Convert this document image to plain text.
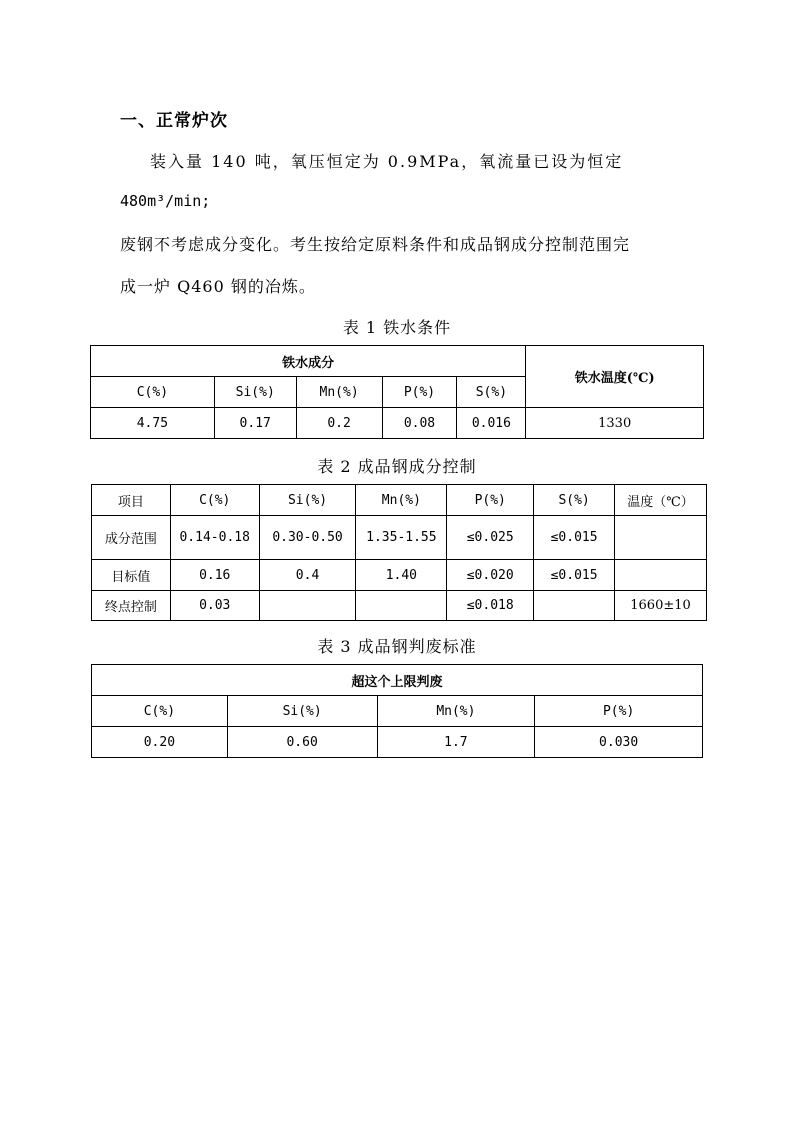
一、正常炉次
装入量 140 吨，氧压恒定为 0.9MPa，氧流量已设为恒定
480m³/min;
废钢不考虑成分变化。考生按给定原料条件和成品钢成分控制范围完
成一炉 Q460 钢的冶炼。
表 1 铁水条件
铁水成分					铁水温度(℃)
C(%)	Si(%)	Mn(%)	P(%)	S(%)	
4.75	0.17	0.2	0.08	0.016	1330
表 2 成品钢成分控制
项目	C(%)	Si(%)	Mn(%)	P(%)	S(%)	温度（℃）
成分范围	0.14-0.18	0.30-0.50	1.35-1.55	≤0.025	≤0.015	
目标值	0.16	0.4	1.40	≤0.020	≤0.015	
终点控制	0.03			≤0.018		1660±10
表 3 成品钢判废标准
超这个上限判废			
C(%)	Si(%)	Mn(%)	P(%)
0.20	0.60	1.7	0.030
